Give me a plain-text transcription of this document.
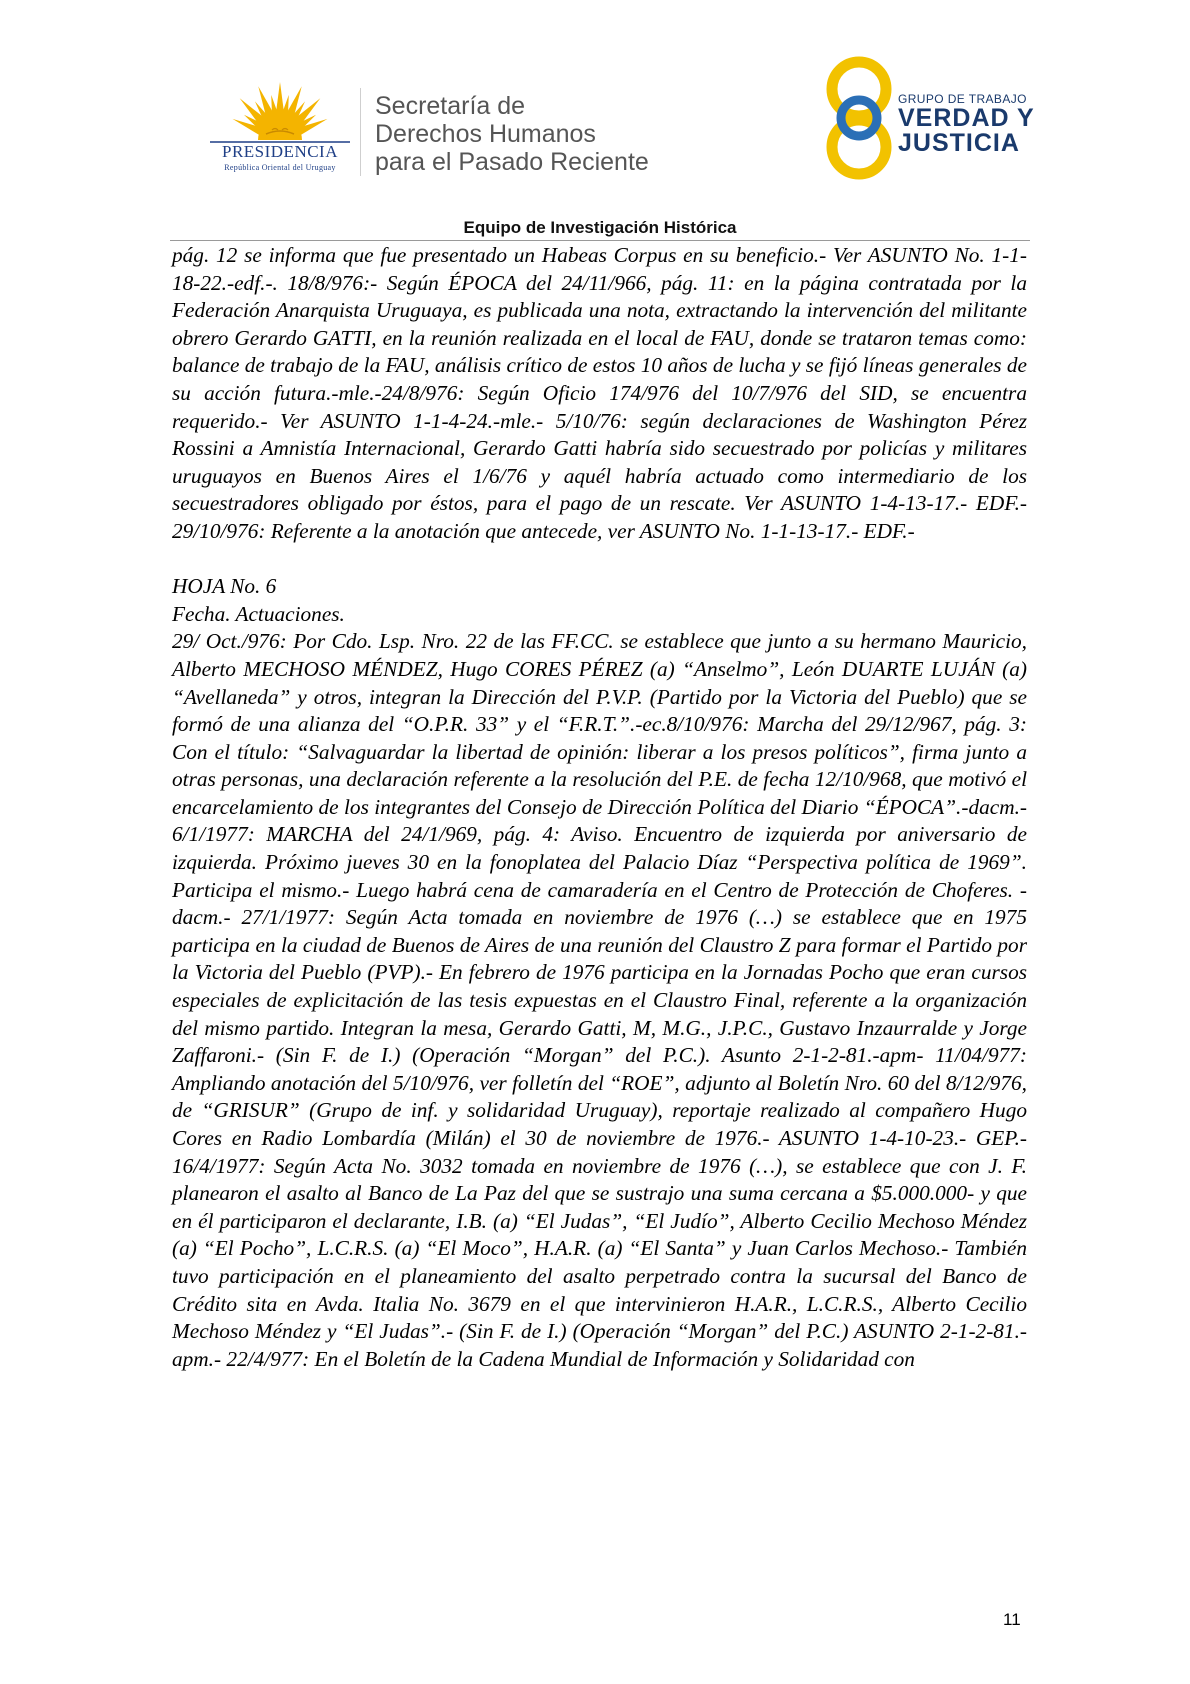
PRESIDENCIA
República Oriental del Uruguay
Secretaría de
Derechos Humanos
para el Pasado Reciente
GRUPO DE TRABAJO
VERDAD Y
JUSTICIA
Equipo de Investigación Histórica

pág. 12 se informa que fue presentado un Habeas Corpus en su beneficio.- Ver ASUNTO No. 1-1-18-22.-edf.-. 18/8/976:- Según ÉPOCA del 24/11/966, pág. 11: en la página contratada por la Federación Anarquista Uruguaya, es publicada una nota, extractando la intervención del militante obrero Gerardo GATTI, en la reunión realizada en el local de FAU, donde se trataron temas como: balance de trabajo de la FAU, análisis crítico de estos 10 años de lucha y se fijó líneas generales de su acción futura.-mle.-24/8/976: Según Oficio 174/976 del 10/7/976 del SID, se encuentra requerido.- Ver ASUNTO 1-1-4-24.-mle.- 5/10/76: según declaraciones de Washington Pérez Rossini a Amnistía Internacional, Gerardo Gatti habría sido secuestrado por policías y militares uruguayos en Buenos Aires el 1/6/76 y aquél habría actuado como intermediario de los secuestradores obligado por éstos, para el pago de un rescate. Ver ASUNTO 1-4-13-17.- EDF.- 29/10/976: Referente a la anotación que antecede, ver ASUNTO No. 1-1-13-17.- EDF.-

HOJA No. 6

Fecha. Actuaciones.

29/ Oct./976: Por Cdo. Lsp. Nro. 22 de las FF.CC. se establece que junto a su hermano Mauricio, Alberto MECHOSO MÉNDEZ, Hugo CORES PÉREZ (a) “Anselmo”, León DUARTE LUJÁN (a) “Avellaneda” y otros, integran la Dirección del P.V.P. (Partido por la Victoria del Pueblo) que se formó de una alianza del “O.P.R. 33” y el “F.R.T.”.-ec.8/10/976: Marcha del 29/12/967, pág. 3: Con el título: “Salvaguardar la libertad de opinión: liberar a los presos políticos”, firma junto a otras personas, una declaración referente a la resolución del P.E. de fecha 12/10/968, que motivó el encarcelamiento de los integrantes del Consejo de Dirección Política del Diario “ÉPOCA”.-dacm.- 6/1/1977: MARCHA del 24/1/969, pág. 4: Aviso. Encuentro de izquierda por aniversario de izquierda. Próximo jueves 30 en la fonoplatea del Palacio Díaz “Perspectiva política de 1969”. Participa el mismo.- Luego habrá cena de camaradería en el Centro de Protección de Choferes. -dacm.- 27/1/1977: Según Acta tomada en noviembre de 1976 (…) se establece que en 1975 participa en la ciudad de Buenos de Aires de una reunión del Claustro Z para formar el Partido por la Victoria del Pueblo (PVP).- En febrero de 1976 participa en la Jornadas Pocho que eran cursos especiales de explicitación de las tesis expuestas en el Claustro Final, referente a la organización del mismo partido. Integran la mesa, Gerardo Gatti, M, M.G., J.P.C., Gustavo Inzaurralde y Jorge Zaffaroni.- (Sin F. de I.) (Operación “Morgan” del P.C.). Asunto 2-1-2-81.-apm- 11/04/977: Ampliando anotación del 5/10/976, ver folletín del “ROE”, adjunto al Boletín Nro. 60 del 8/12/976, de “GRISUR” (Grupo de inf. y solidaridad Uruguay), reportaje realizado al compañero Hugo Cores en Radio Lombardía (Milán) el 30 de noviembre de 1976.- ASUNTO 1-4-10-23.- GEP.- 16/4/1977: Según Acta No. 3032 tomada en noviembre de 1976 (…), se establece que con J. F. planearon el asalto al Banco de La Paz del que se sustrajo una suma cercana a $5.000.000- y que en él participaron el declarante, I.B. (a) “El Judas”, “El Judío”, Alberto Cecilio Mechoso Méndez (a) “El Pocho”, L.C.R.S. (a) “El Moco”, H.A.R. (a) “El Santa” y Juan Carlos Mechoso.- También tuvo participación en el planeamiento del asalto perpetrado contra la sucursal del Banco de Crédito sita en Avda. Italia No. 3679 en el que intervinieron H.A.R., L.C.R.S., Alberto Cecilio Mechoso Méndez y “El Judas”.- (Sin F. de I.) (Operación “Morgan” del P.C.) ASUNTO 2-1-2-81.-apm.- 22/4/977: En el Boletín de la Cadena Mundial de Información y Solidaridad con

11
